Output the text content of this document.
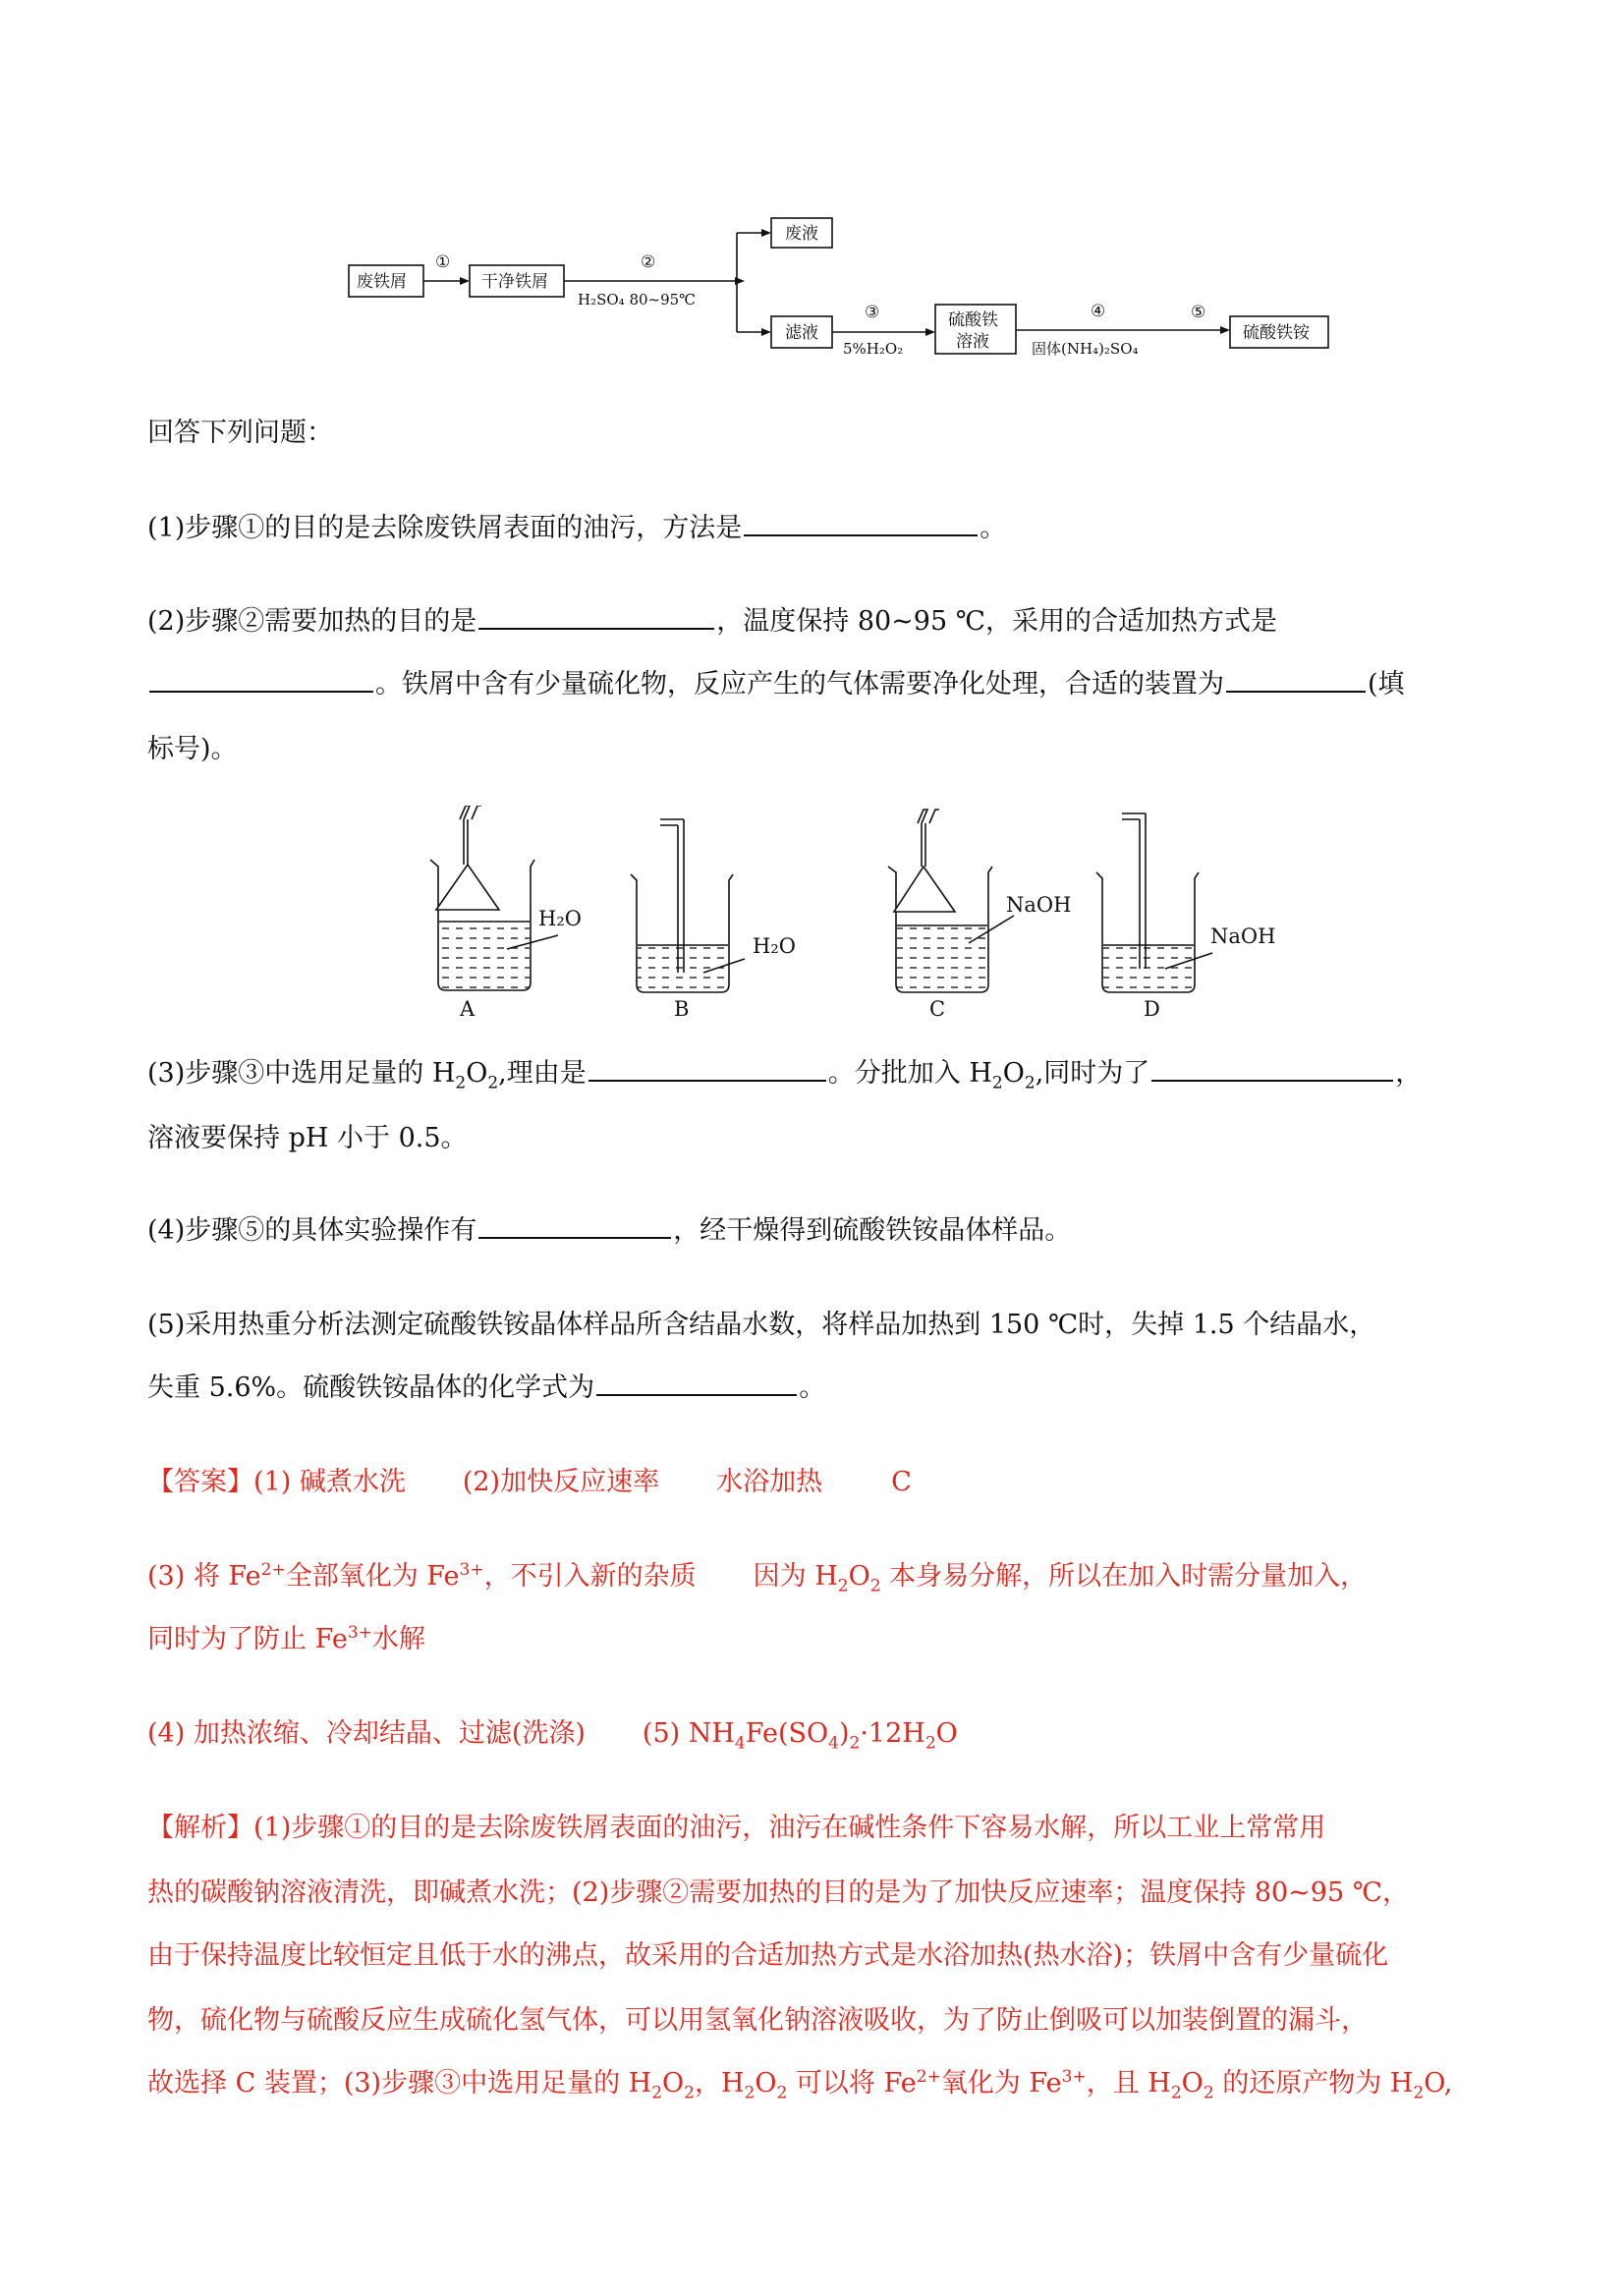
废铁屑	干净铁屑
废液
滤液
硫酸铁
溶液	硫酸铁铵
①	②
③	④	⑤
H₂SO₄ 80~95℃
5%H₂O₂	固体(NH₄)₂SO₄
回答下列问题：
(1)步骤①的目的是去除废铁屑表面的油污，方法是	。
(2)步骤②需要加热的目的是	，温度保持 80~95 ℃，采用的合适加热方式是
。铁屑中含有少量硫化物，反应产生的气体需要净化处理，合适的装置为	(填
标号)。
H₂O
A
H₂O
B
NaOH
C
NaOH
D
(3)步骤③中选用足量的 $H_2O_2$,理由是	。分批加入 $H_2O_2$,同时为了	，
溶液要保持 pH 小于 0.5。
(4)步骤⑤的具体实验操作有	，经干燥得到硫酸铁铵晶体样品。
(5)采用热重分析法测定硫酸铁铵晶体样品所含结晶水数，将样品加热到 150 ℃时，失掉 1.5 个结晶水，
失重 5.6%。硫酸铁铵晶体的化学式为	。
【答案】(1) 碱煮水洗 (2)加快反应速率 水浴加热	C
(3) 将 $Fe^{2+}$全部氧化为 $Fe^{3+}$，不引入新的杂质 因为 $H_2O_2$ 本身易分解，所以在加入时需分量加入，
同时为了防止 $Fe^{3+}$水解
(4) 加热浓缩、冷却结晶、过滤(洗涤) (5) $NH_4Fe(SO_4)_2\cdot 12H_2O$
【解析】(1)步骤①的目的是去除废铁屑表面的油污，油污在碱性条件下容易水解，所以工业上常常用
热的碳酸钠溶液清洗，即碱煮水洗；(2)步骤②需要加热的目的是为了加快反应速率；温度保持 80~95 ℃，
由于保持温度比较恒定且低于水的沸点，故采用的合适加热方式是水浴加热(热水浴)；铁屑中含有少量硫化
物，硫化物与硫酸反应生成硫化氢气体，可以用氢氧化钠溶液吸收，为了防止倒吸可以加装倒置的漏斗，
故选择 C 装置；(3)步骤③中选用足量的 $H_2O_2$，$H_2O_2$ 可以将 $Fe^{2+}$氧化为 $Fe^{3+}$，且 $H_2O_2$ 的还原产物为 $H_2O$,
